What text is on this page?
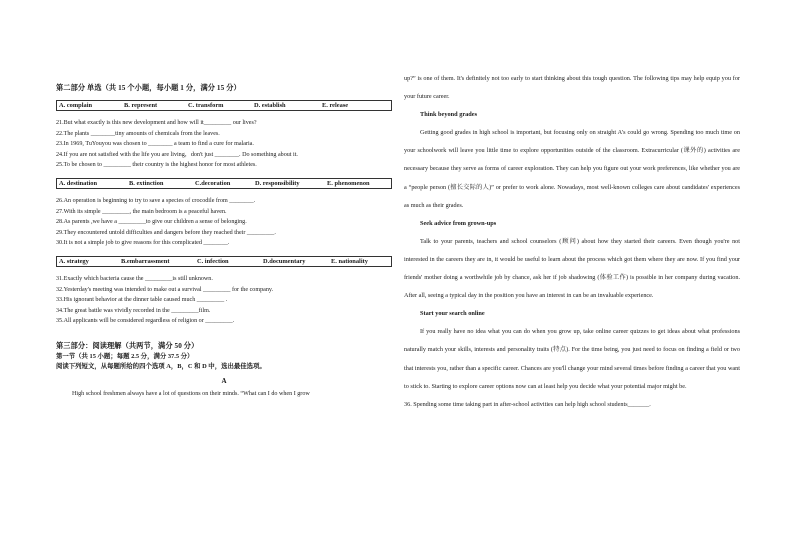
第二部分 单选（共 15 个小题，每小题 1 分，满分 15 分）
A. complain	B. represent	C. transform	D. establish	E. release
21.But what exactly is this new development and how will it_________ our lives?
22.The plants ________tiny amounts of chemicals from the leaves.
23.In 1969, TuYouyou was chosen to ________ a team to find a cure for malaria.
24.If you are not satisfied with the life you are living，don't just ________. Do something about it.
25.To be chosen to _________ their country is the highest honor for most athletes.
A. destination	B. extinction	C.decoration	D. responsibility	E. phenomenon
26.An operation is beginning to try to save a species of crocodile from ________.
27.With its simple _________, the main bedroom is a peaceful haven.
28.As parents ,we have a _________to give our children a sense of belonging.
29.They encountered untold difficulties and dangers before they reached their _________.
30.It is not a simple job to give reasons for this complicated ________.
A. strategy	B.embarrassment	C. infection	D.documentary	E. nationality
31.Exactly which bacteria cause the _________is still unknown.
32.Yesterday's meeting was intended to make out a survival _________ for the company.
33.His ignorant behavior at the dinner table caused much _________ .
34.The great battle was vividly recorded in the _________film.
35.All applicants will be considered regardless of religion or _________.
第三部分：阅读理解（共两节，满分 50 分）
第一节（共 15 小题；每题 2.5 分，满分 37.5 分）
阅读下列短文，从每题所给的四个选项 A，B，C 和 D 中，选出最佳选项。
A
High school freshmen always have a lot of questions on their minds. “What can I do when I grow

up?” is one of them. It's definitely not too early to start thinking about this tough question. The following tips may help equip you for your future career.

Think beyond grades

Getting good grades in high school is important, but focusing only on straight A's could go wrong. Spending too much time on your schoolwork will leave you little time to explore opportunities outside of the classroom. Extracurricular (课外的) activities are necessary because they serve as forms of career exploration. They can help you figure out your work preferences, like whether you are a “people person (擅长交际的人)” or prefer to work alone. Nowadays, most well-known colleges care about candidates' experiences as much as their grades.

Seek advice from grown-ups

Talk to your parents, teachers and school counselors (顾问) about how they started their careers. Even though you're not interested in the careers they are in, it would be useful to learn about the process which got them where they are now. If you find your friends' mother doing a worthwhile job by chance, ask her if job shadowing (体验工作) is possible in her company during vacation. After all, seeing a typical day in the position you have an interest in can be an invaluable experience.

Start your search online

If you really have no idea what you can do when you grow up, take online career quizzes to get ideas about what professions naturally match your skills, interests and personality traits (特点). For the time being, you just need to focus on finding a field or two that interests you, rather than a specific career. Chances are you'll change your mind several times before finding a career that you want to stick to. Starting to explore career options now can at least help you decide what your potential major might be.

36. Spending some time taking part in after-school activities can help high school students_______.
